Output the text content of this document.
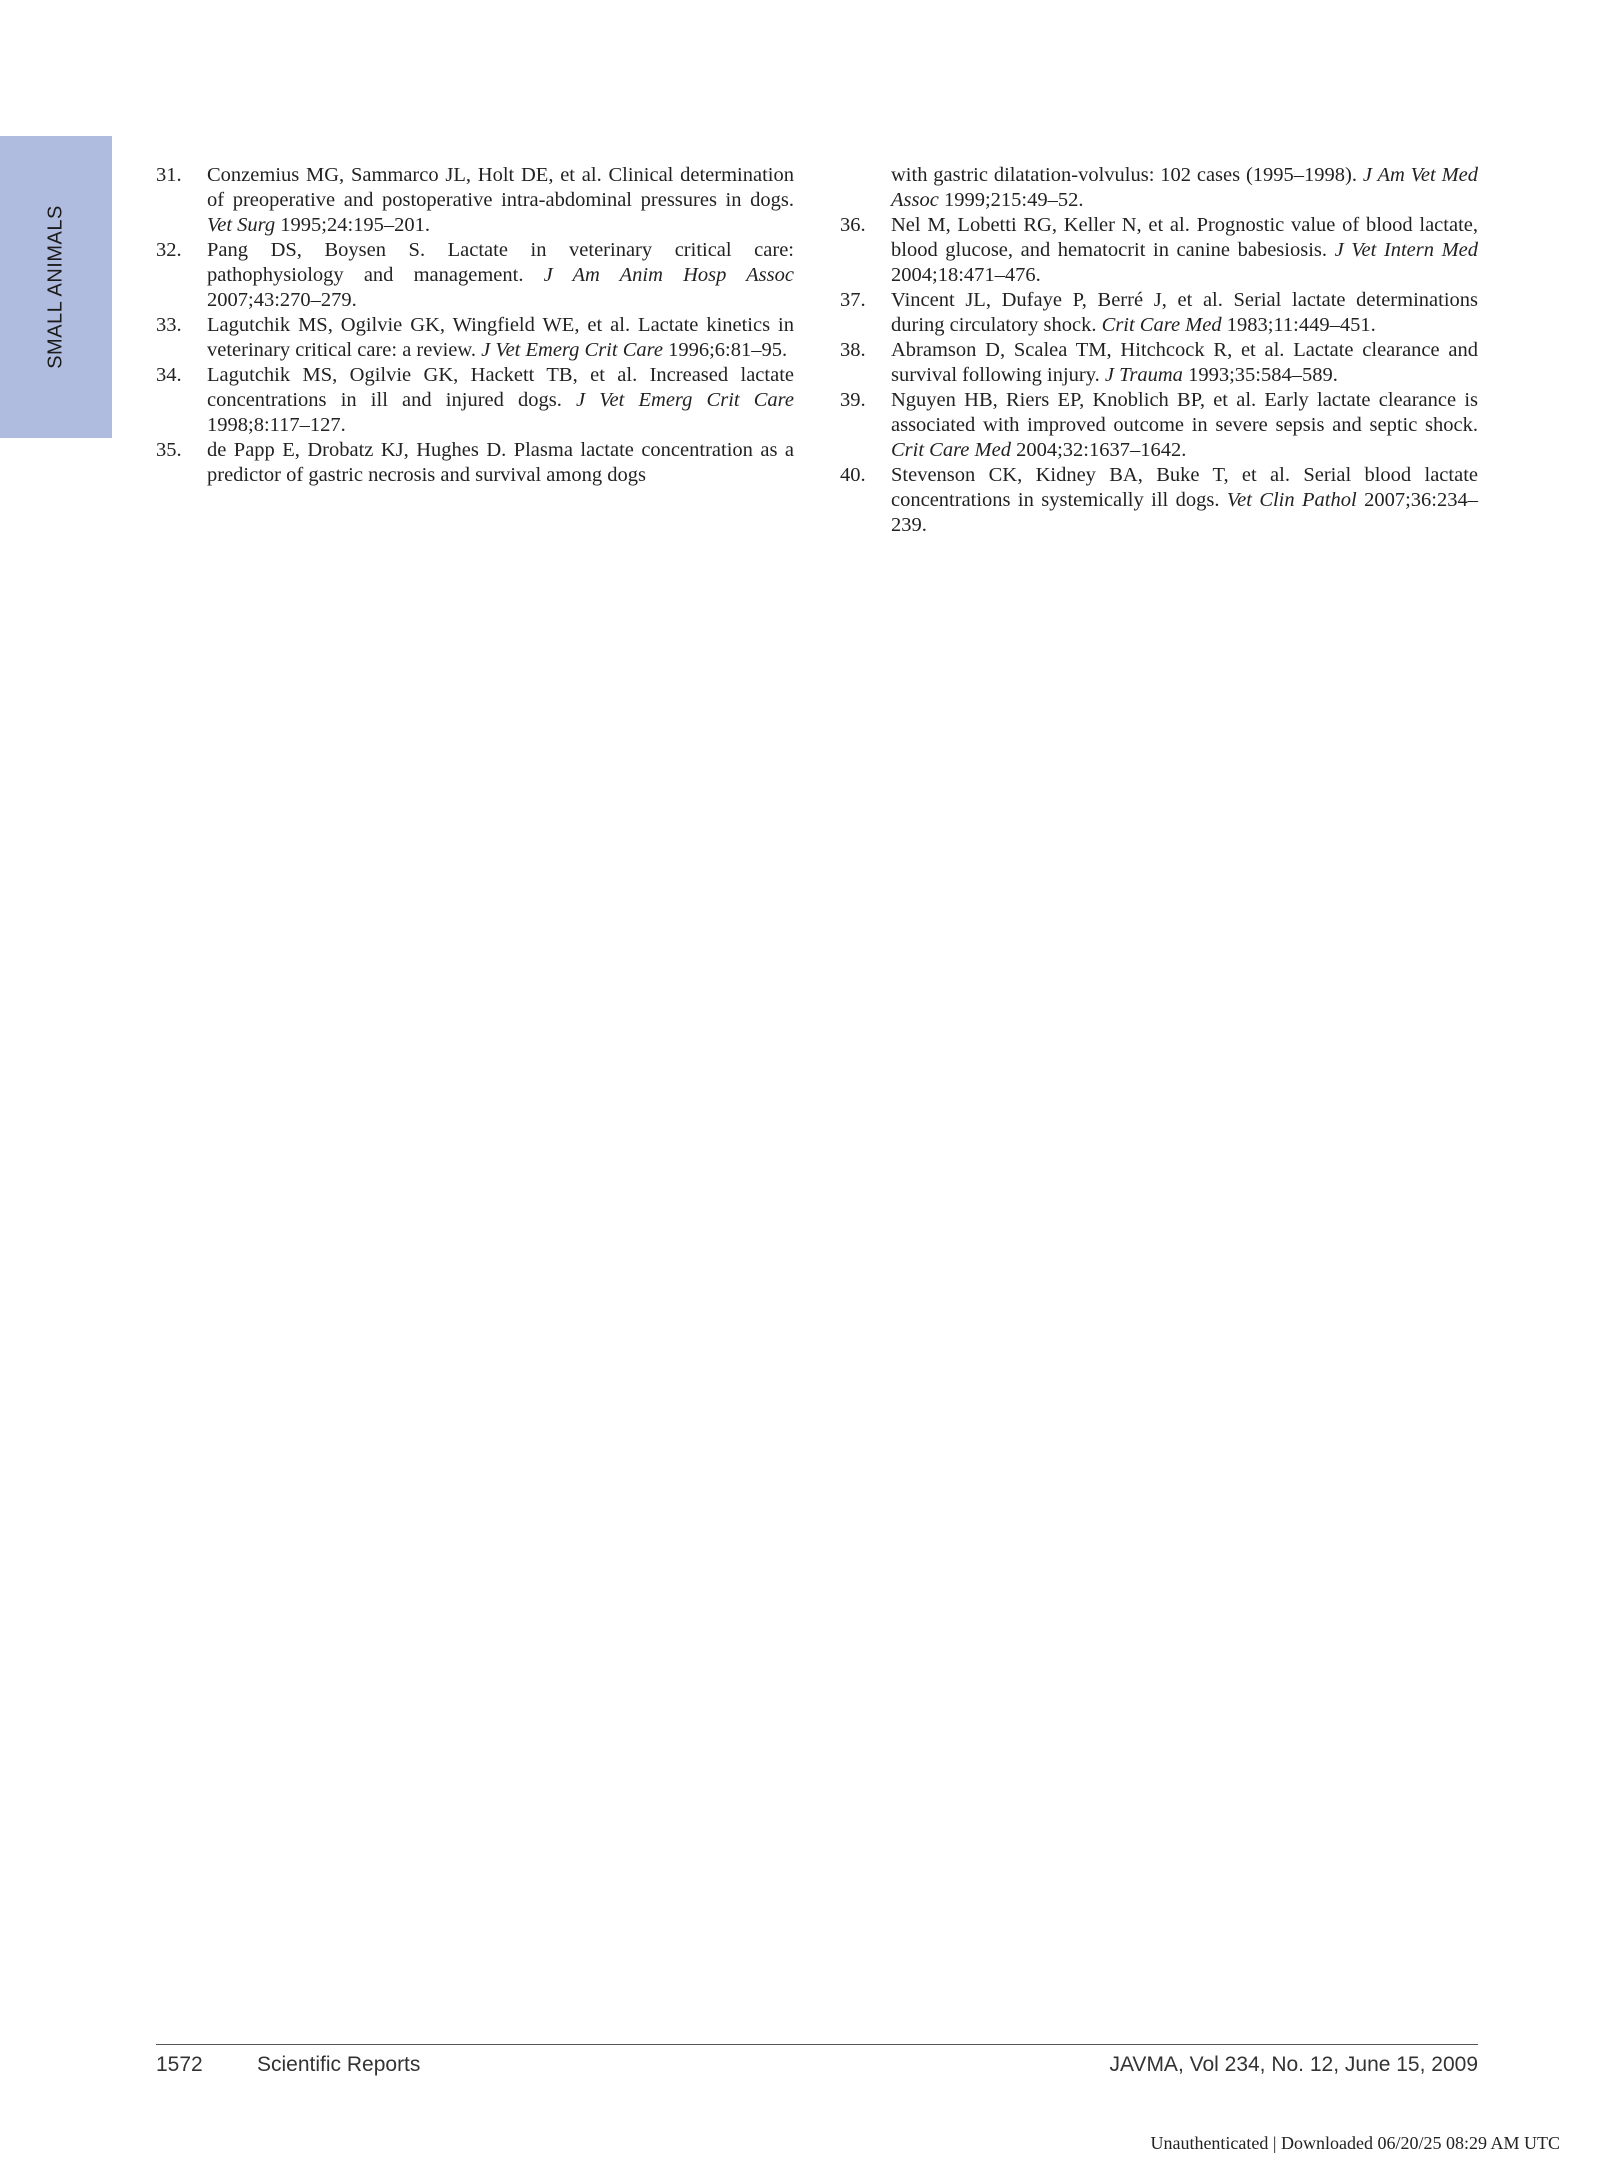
SMALL ANIMALS

31. Conzemius MG, Sammarco JL, Holt DE, et al. Clinical determination of preoperative and postoperative intra-abdominal pressures in dogs. Vet Surg 1995;24:195–201.

32. Pang DS, Boysen S. Lactate in veterinary critical care: pathophysiology and management. J Am Anim Hosp Assoc 2007;43:270–279.

33. Lagutchik MS, Ogilvie GK, Wingfield WE, et al. Lactate kinetics in veterinary critical care: a review. J Vet Emerg Crit Care 1996;6:81–95.

34. Lagutchik MS, Ogilvie GK, Hackett TB, et al. Increased lactate concentrations in ill and injured dogs. J Vet Emerg Crit Care 1998;8:117–127.

35. de Papp E, Drobatz KJ, Hughes D. Plasma lactate concentration as a predictor of gastric necrosis and survival among dogs

with gastric dilatation-volvulus: 102 cases (1995–1998). J Am Vet Med Assoc 1999;215:49–52.

36. Nel M, Lobetti RG, Keller N, et al. Prognostic value of blood lactate, blood glucose, and hematocrit in canine babesiosis. J Vet Intern Med 2004;18:471–476.

37. Vincent JL, Dufaye P, Berré J, et al. Serial lactate determinations during circulatory shock. Crit Care Med 1983;11:449–451.

38. Abramson D, Scalea TM, Hitchcock R, et al. Lactate clearance and survival following injury. J Trauma 1993;35:584–589.

39. Nguyen HB, Riers EP, Knoblich BP, et al. Early lactate clearance is associated with improved outcome in severe sepsis and septic shock. Crit Care Med 2004;32:1637–1642.

40. Stevenson CK, Kidney BA, Buke T, et al. Serial blood lactate concentrations in systemically ill dogs. Vet Clin Pathol 2007;36:234–239.

1572	Scientific Reports	JAVMA, Vol 234, No. 12, June 15, 2009
Unauthenticated | Downloaded 06/20/25 08:29 AM UTC
